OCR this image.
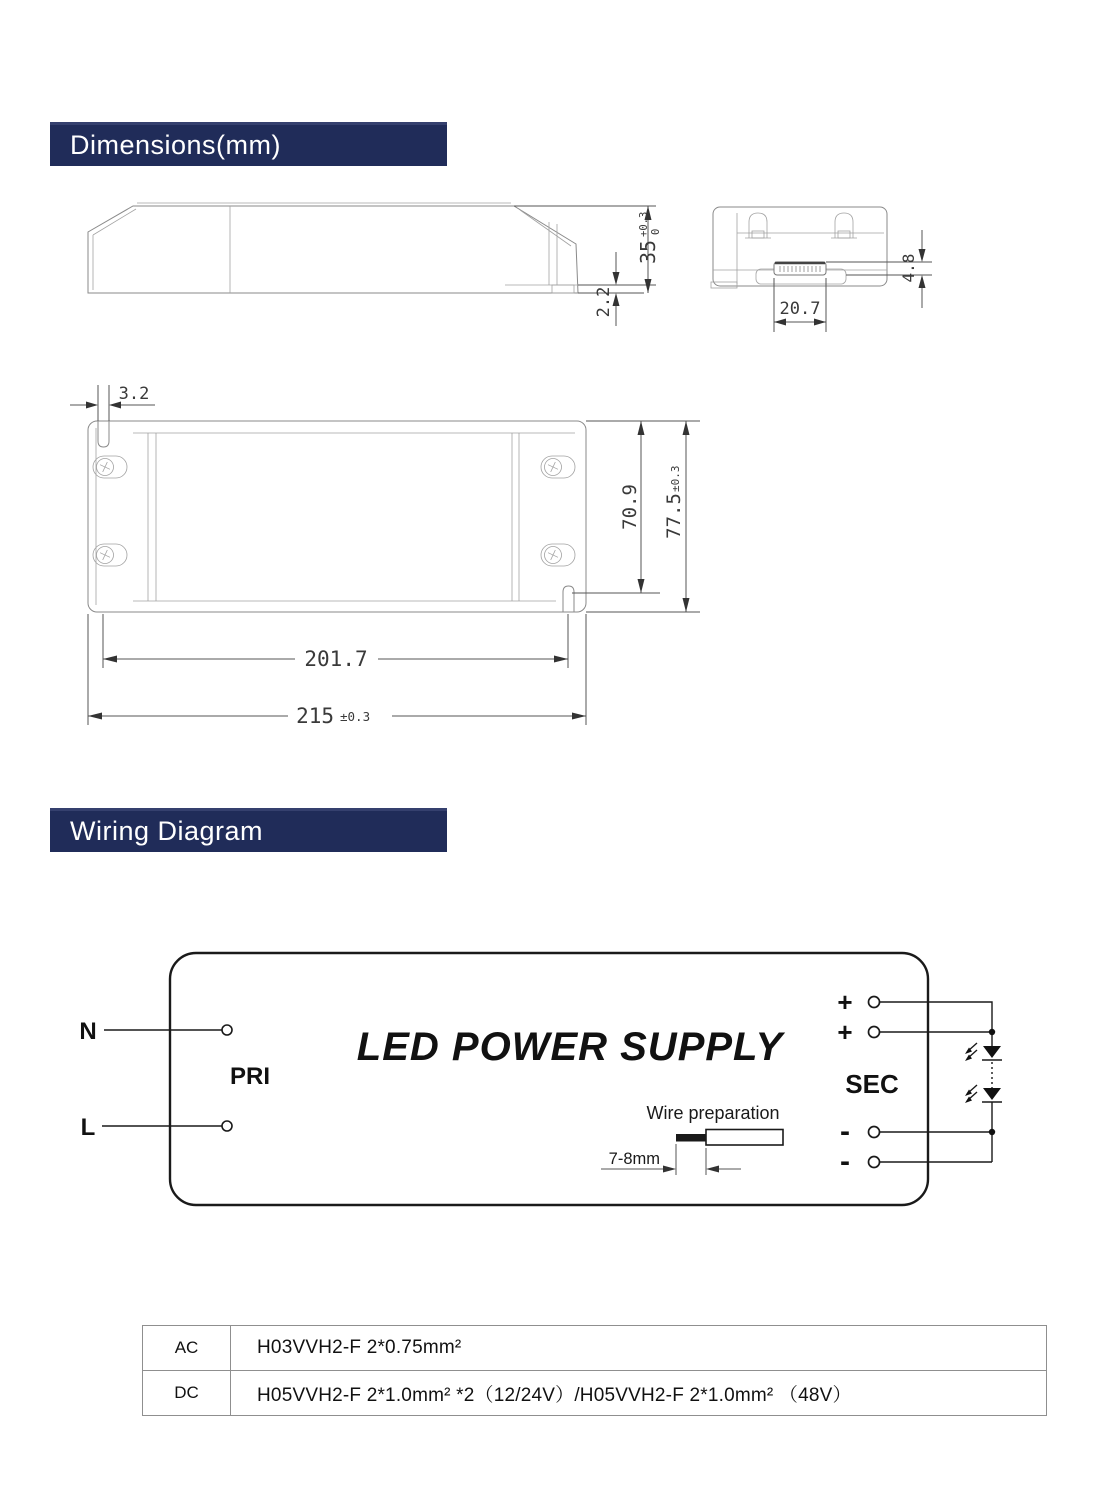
Dimensions(mm)
Wiring Diagram
35
+0.3 0
2.2	20.7
4.8
3.2
70.9 77.5
±0.3
201.7
215 ±0.3
N
L
PRI
LED POWER SUPPLY
Wire preparation
7-8mm
+
+
SEC
-
-
AC	H03VVH2-F 2*0.75mm²
DC	H05VVH2-F 2*1.0mm² *2（12/24V）/H05VVH2-F 2*1.0mm² （48V）
